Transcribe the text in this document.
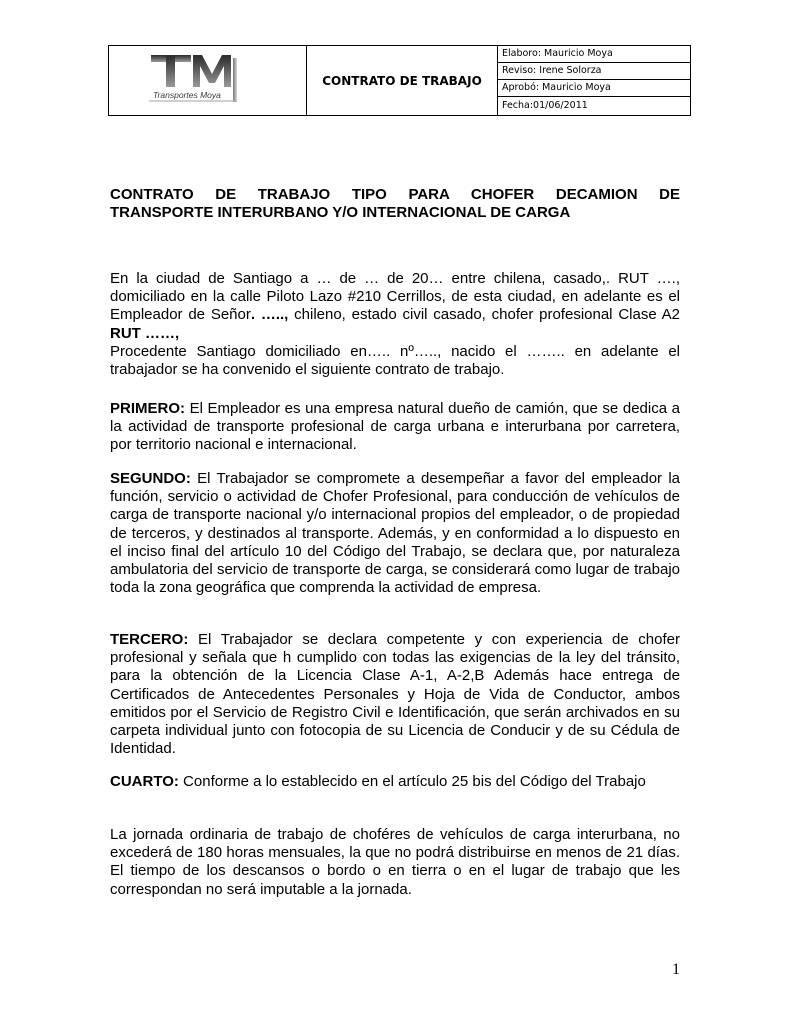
Transportes Moya
	CONTRATO DE TRABAJO	
Elaboro: Mauricio Moya
Reviso: Irene Solorza
Aprobó: Mauricio Moya
Fecha:01/06/2011
CONTRATO DE TRABAJO TIPO PARA CHOFER DECAMION DE
TRANSPORTE INTERURBANO Y/O INTERNACIONAL DE CARGA

En la ciudad de Santiago a … de … de 20… entre chilena, casado,. RUT …., domiciliado en la calle Piloto Lazo #210 Cerrillos, de esta ciudad, en adelante es el Empleador de Señor. ….., chileno, estado civil casado, chofer profesional Clase A2 RUT ……,
Procedente Santiago domiciliado en….. nº….., nacido el …….. en adelante el trabajador se ha convenido el siguiente contrato de trabajo.

PRIMERO: El Empleador es una empresa natural dueño de camión, que se dedica a la actividad de transporte profesional de carga urbana e interurbana por carretera, por territorio nacional e internacional.

SEGUNDO: El Trabajador se compromete a desempeñar a favor del empleador la función, servicio o actividad de Chofer Profesional, para conducción de vehículos de carga de transporte nacional y/o internacional propios del empleador, o de propiedad de terceros, y destinados al transporte. Además, y en conformidad a lo dispuesto en el inciso final del artículo 10 del Código del Trabajo, se declara que, por naturaleza ambulatoria del servicio de transporte de carga, se considerará como lugar de trabajo toda la zona geográfica que comprenda la actividad de empresa.

TERCERO: El Trabajador se declara competente y con experiencia de chofer profesional y señala que h cumplido con todas las exigencias de la ley del tránsito, para la obtención de la Licencia Clase A-1, A-2,B Además hace entrega de Certificados de Antecedentes Personales y Hoja de Vida de Conductor, ambos emitidos por el Servicio de Registro Civil e Identificación, que serán archivados en su carpeta individual junto con fotocopia de su Licencia de Conducir y de su Cédula de Identidad.

CUARTO: Conforme a lo establecido en el artículo 25 bis del Código del Trabajo

La jornada ordinaria de trabajo de choféres de vehículos de carga interurbana, no excederá de 180 horas mensuales, la que no podrá distribuirse en menos de 21 días. El tiempo de los descansos o bordo o en tierra o en el lugar de trabajo que les correspondan no será imputable a la jornada.

1
